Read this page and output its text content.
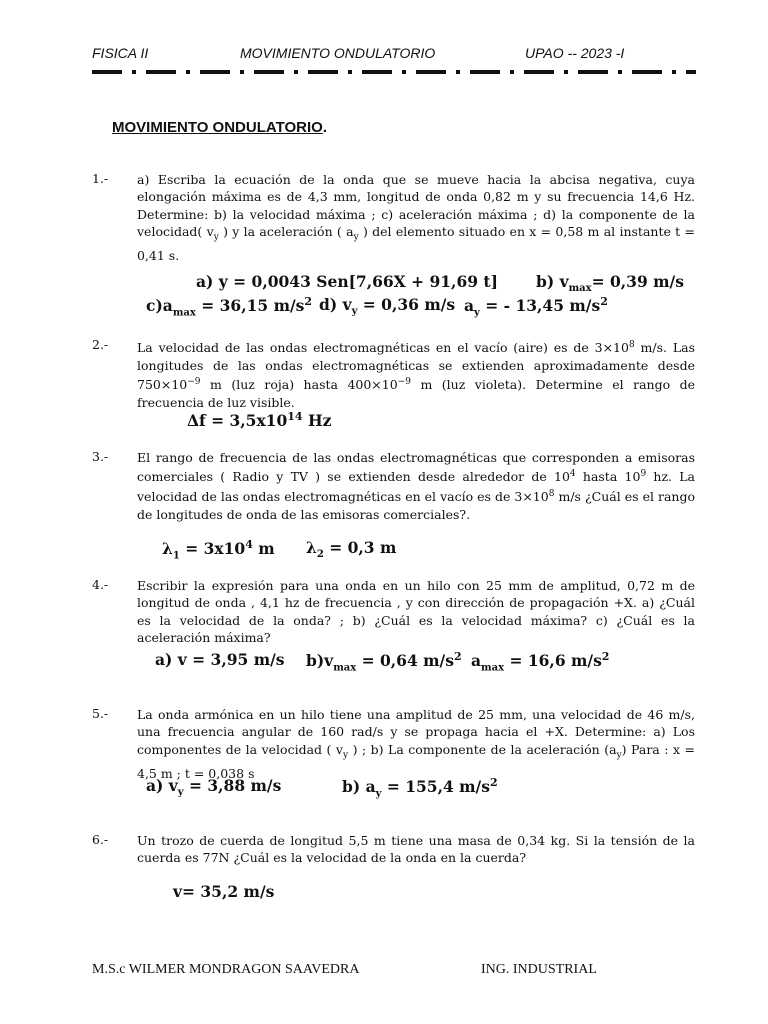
FISICA II	MOVIMIENTO ONDULATORIO	UPAO -- 2023 -I
MOVIMIENTO ONDULATORIO.
1.- a) Escriba la ecuación de la onda que se mueve hacia la abcisa negativa, cuya elongación máxima es de 4,3 mm, longitud de onda 0,82 m y su frecuencia 14,6 Hz. Determine: b) la velocidad máxima ; c) aceleración máxima ; d) la componente de la velocidad( $v_y$ ) y la aceleración ( $a_y$ ) del elemento situado en x = 0,58 m al instante t = 0,41 s.
a) y = 0,0043 Sen[7,66X + 91,69 t] b) $v_{max}= 0,39$ m/s
$c)a_{max} = 36,15$ $m/s^2$ d) $v_y = 0,36$ m/s $a_y$ = - 13,45 $m/s^2$
2.- La velocidad de las ondas electromagnéticas en el vacío (aire) es de $3\times 10^8$ m/s. Las longitudes de las ondas electromagnéticas se extienden aproximadamente desde $750\times 10^{-9}$ m (luz roja) hasta $400\times 10^{-9}$ m (luz violeta). Determine el rango de frecuencia de luz visible.
$\Delta f = 3,5x10^{14}$ Hz
3.- El rango de frecuencia de las ondas electromagnéticas que corresponden a emisoras comerciales ( Radio y TV ) se extienden desde alrededor de $10^4$ hasta $10^9$ hz. La velocidad de las ondas electromagnéticas en el vacío es de $3\times 10^8$ m/s ¿Cuál es el rango de longitudes de onda de las emisoras comerciales?.
$\lambda_1 = 3x10^4$ m $\lambda_2 = 0,3$ m
4.- Escribir la expresión para una onda en un hilo con 25 mm de amplitud, 0,72 m de longitud de onda , 4,1 hz de frecuencia , y con dirección de propagación +X. a) ¿Cuál es la velocidad de la onda? ; b) ¿Cuál es la velocidad máxima? c) ¿Cuál es la aceleración máxima?
a) v = 3,95 m/s $b)v_{max} = 0,64$ $m/s^2$ $a_{max} = 16,6$ $m/s^2$
5.- La onda armónica en un hilo tiene una amplitud de 25 mm, una velocidad de 46 m/s, una frecuencia angular de 160 rad/s y se propaga hacia el +X. Determine: a) Los componentes de la velocidad ( $v_y$ ) ; b) La componente de la aceleración $(a_y)$ Para : x = 4,5 m ; t = 0,038 s
a) $v_y = 3,88$ m/s	b) $a_y = 155,4$ $m/s^2$
6.- Un trozo de cuerda de longitud 5,5 m tiene una masa de 0,34 kg. Si la tensión de la cuerda es 77N ¿Cuál es la velocidad de la onda en la cuerda?
v= 35,2 m/s
M.S.c WILMER MONDRAGON SAAVEDRA	ING. INDUSTRIAL
